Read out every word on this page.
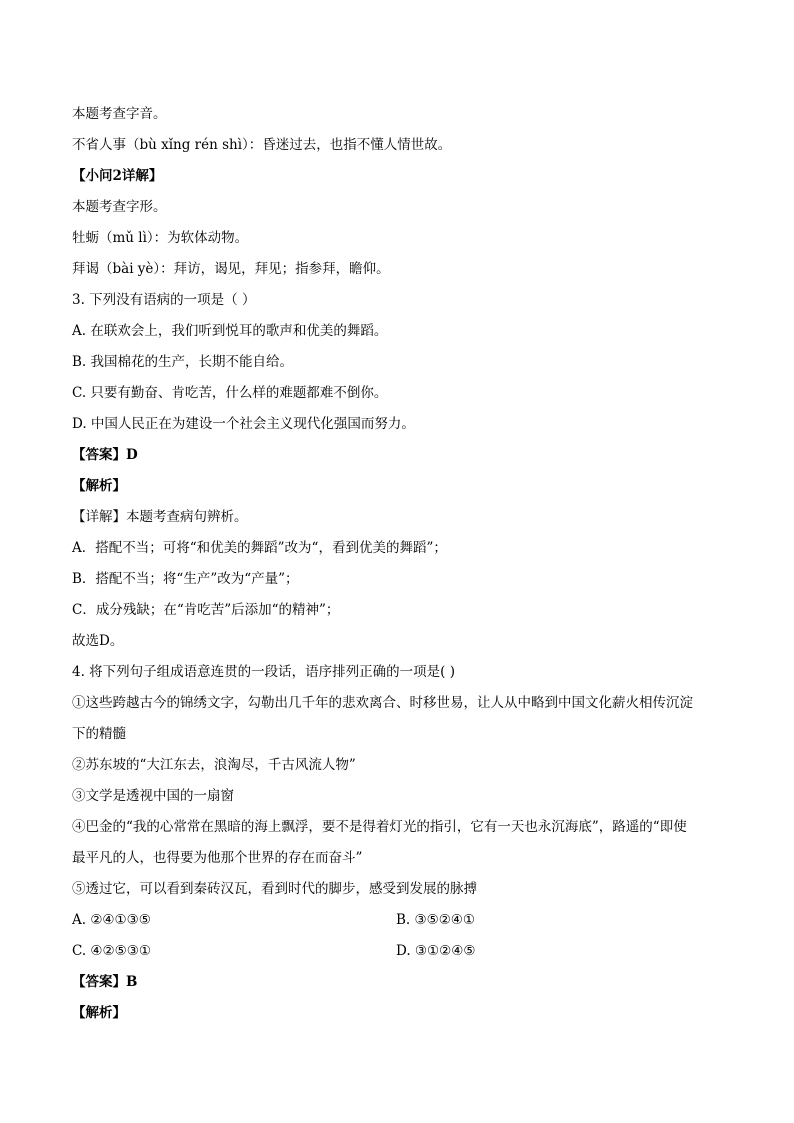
本题考查字音。
不省人事（bù xǐng rén shì）：昏迷过去，也指不懂人情世故。
【小问2详解】
本题考查字形。
牡蛎（mǔ lì）：为软体动物。
拜谒（bài yè）：拜访，谒见，拜见；指参拜，瞻仰。
3. 下列没有语病的一项是（ ）
A. 在联欢会上，我们听到悦耳的歌声和优美的舞蹈。
B. 我国棉花的生产，长期不能自给。
C. 只要有勤奋、肯吃苦，什么样的难题都难不倒你。
D. 中国人民正在为建设一个社会主义现代化强国而努力。
【答案】D
【解析】
【详解】本题考查病句辨析。
A．搭配不当；可将“和优美的舞蹈”改为“，看到优美的舞蹈”；
B．搭配不当；将“生产”改为“产量”；
C．成分残缺；在“肯吃苦”后添加“的精神”；
故选D。
4. 将下列句子组成语意连贯的一段话，语序排列正确的一项是( )
①这些跨越古今的锦绣文字，勾勒出几千年的悲欢离合、时移世易，让人从中略到中国文化薪火相传沉淀
下的精髓
②苏东坡的“大江东去，浪淘尽，千古风流人物”
③文学是透视中国的一扇窗
④巴金的“我的心常常在黑暗的海上飘浮，要不是得着灯光的指引，它有一天也永沉海底”，路遥的“即使
最平凡的人，也得要为他那个世界的存在而奋斗”
⑤透过它，可以看到秦砖汉瓦，看到时代的脚步，感受到发展的脉搏
A. ②④①③⑤	B. ③⑤②④①
C. ④②⑤③①	D. ③①②④⑤
【答案】B
【解析】
